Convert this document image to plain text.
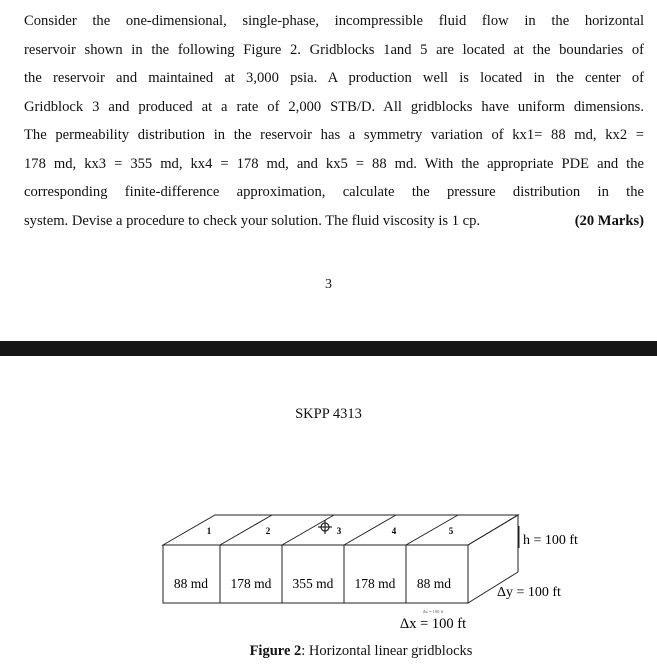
Consider the one-dimensional, single-phase, incompressible fluid flow in the horizontal
reservoir shown in the following Figure 2. Gridblocks 1and 5 are located at the boundaries of
the reservoir and maintained at 3,000 psia. A production well is located in the center of
Gridblock 3 and produced at a rate of 2,000 STB/D. All gridblocks have uniform dimensions.
The permeability distribution in the reservoir has a symmetry variation of kx1= 88 md, kx2 =
178 md, kx3 = 355 md, kx4 = 178 md, and kx5 = 88 md. With the appropriate PDE and the
corresponding finite-difference approximation, calculate the pressure distribution in the
system. Devise a procedure to check your solution. The fluid viscosity is 1 cp.	(20 Marks)
3
SKPP 4313
1	2	3	4	5
88 md 178 md 355 md 178 md 88 md
h = 100 ft
Δy = 100 ft
Δx = 100 ft
Δx = 100 ft
Figure 2: Horizontal linear gridblocks
